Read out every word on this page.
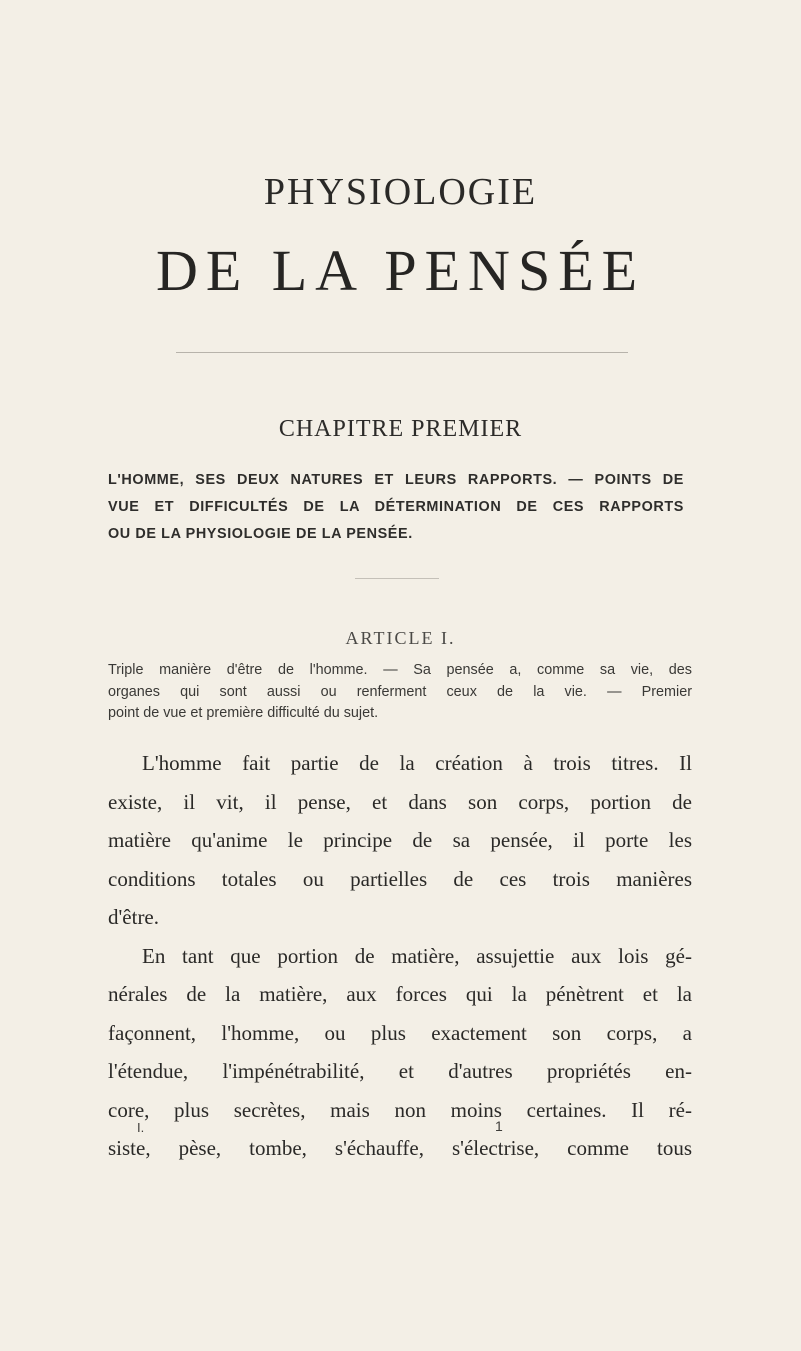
PHYSIOLOGIE
DE LA PENSÉE
CHAPITRE PREMIER
L'HOMME, SES DEUX NATURES ET LEURS RAPPORTS. — POINTS DE
VUE ET DIFFICULTÉS DE LA DÉTERMINATION DE CES RAPPORTS
OU DE LA PHYSIOLOGIE DE LA PENSÉE.
ARTICLE I.
Triple manière d'être de l'homme. — Sa pensée a, comme sa vie, des
organes qui sont aussi ou renferment ceux de la vie. — Premier
point de vue et première difficulté du sujet.
L'homme fait partie de la création à trois titres. Il
existe, il vit, il pense, et dans son corps, portion de
matière qu'anime le principe de sa pensée, il porte les
conditions totales ou partielles de ces trois manières
d'être.
En tant que portion de matière, assujettie aux lois gé-
nérales de la matière, aux forces qui la pénètrent et la
façonnent, l'homme, ou plus exactement son corps, a
l'étendue, l'impénétrabilité, et d'autres propriétés en-
core, plus secrètes, mais non moins certaines. Il ré-
siste, pèse, tombe, s'échauffe, s'électrise, comme tous
I.	1
